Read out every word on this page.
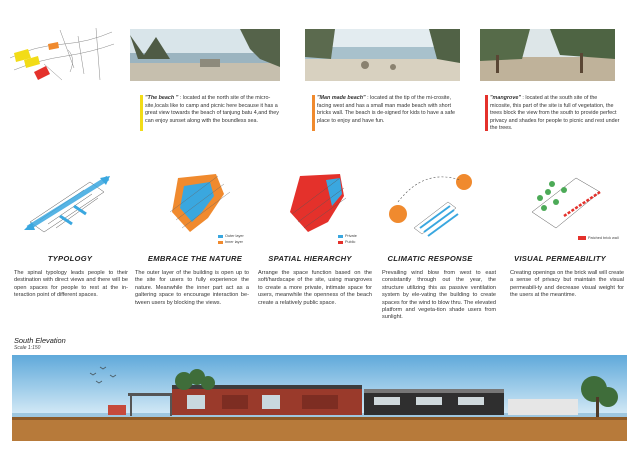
"The beach " : located at the north site of the micro-site,locals like to camp and picnic here because it has a great view towards the beach of tanjung batu 4,and they can enjoy sunset along with the boundless sea.
"Man made beach" : located at the tip of the mi-crosite, facing west and has a small man made beach with short bricks wall. The beach is de-signed for kids to have a safe place to enjoy and have fun.
"mangrove" : located at the south site of the micosite, this part of the site is full of vegetation, the trees block the view from the south to provide perfect privacy and shades for people to picnic and rest under the trees.
Outer layer
Inner layer
Private
Public
Patched brick wall
TYPOLOGY	EMBRACE THE NATURE	SPATIAL HIERARCHY	CLIMATIC RESPONSE	VISUAL PERMEABILITY
The spinal typology leads people to their destination with direct views and there will be open spaces for people to rest at the in-teraction point of different spaces.
The outer layer of the building is open up to the site for users to fully experience the nature. Meanwhile the inner part act as a galtering space to encourage interaction be-tween users by blocking the views.
Arrange the space function based on the soft/hardscape of the site, using mangroves to create a more private, intimate space for users, meanwhile the openness of the beach create a relatively public space.
Prevailing wind blow from west to east consistantly through out the year, the structure utilizing this as passive ventilation system by ele-vating the building to create spaces for the wind to blow thru. The elevated platform and vegeta-tion shade users from sunlight.
Creating openings on the brick wall will create a sense of privacy but maintain the visual permeabili-ty and decrease visual weight for the users at the meantime.
South Elevation
Scale 1:150
